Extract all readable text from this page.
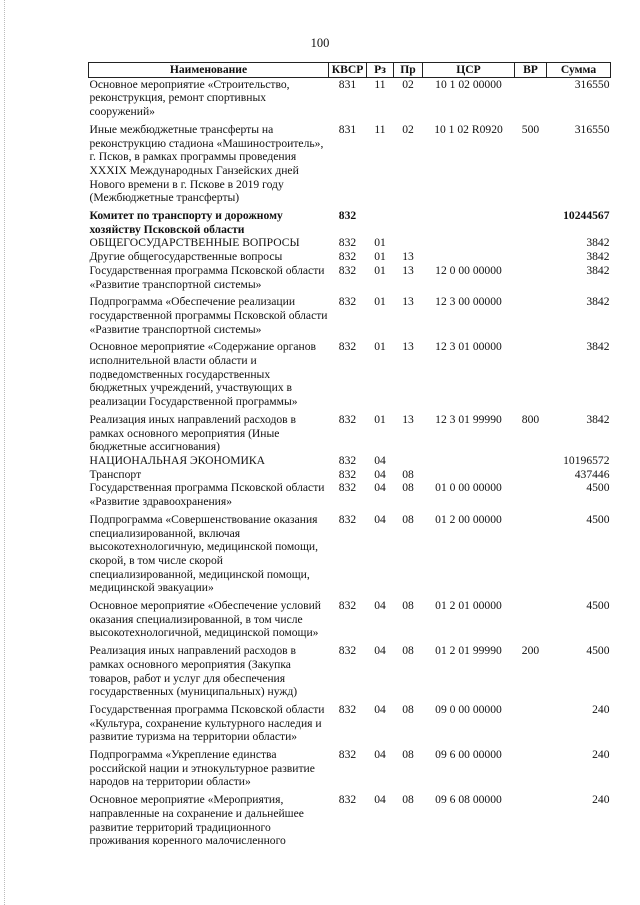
100
Наименование	КВСР	Рз	Пр	ЦСР	ВР	Сумма
Основное мероприятие «Строительство, реконструкция, ремонт спортивных сооружений»	831	11	02	10 1 02 00000		316550
Иные межбюджетные трансферты на реконструкцию стадиона «Машиностроитель», г. Псков, в рамках программы проведения XXXIX Международных Ганзейских дней Нового времени в г. Пскове в 2019 году (Межбюджетные трансферты)	831	11	02	10 1 02 R0920	500	316550
Комитет по транспорту и дорожному хозяйству Псковской области	832					10244567
ОБЩЕГОСУДАРСТВЕННЫЕ ВОПРОСЫ	832	01				3842
Другие общегосударственные вопросы	832	01	13			3842
Государственная программа Псковской области «Развитие транспортной системы»	832	01	13	12 0 00 00000		3842
Подпрограмма «Обеспечение реализации государственной программы Псковской области «Развитие транспортной системы»	832	01	13	12 3 00 00000		3842
Основное мероприятие «Содержание органов исполнительной власти области и подведомственных государственных бюджетных учреждений, участвующих в реализации Государственной программы»	832	01	13	12 3 01 00000		3842
Реализация иных направлений расходов в рамках основного мероприятия (Иные бюджетные ассигнования)	832	01	13	12 3 01 99990	800	3842
НАЦИОНАЛЬНАЯ ЭКОНОМИКА	832	04				10196572
Транспорт	832	04	08			437446
Государственная программа Псковской области «Развитие здравоохранения»	832	04	08	01 0 00 00000		4500
Подпрограмма «Совершенствование оказания специализированной, включая высокотехнологичную, медицинской помощи, скорой, в том числе скорой специализированной, медицинской помощи, медицинской эвакуации»	832	04	08	01 2 00 00000		4500
Основное мероприятие «Обеспечение условий оказания специализированной, в том числе высокотехнологичной, медицинской помощи»	832	04	08	01 2 01 00000		4500
Реализация иных направлений расходов в рамках основного мероприятия (Закупка товаров, работ и услуг для обеспечения государственных (муниципальных) нужд)	832	04	08	01 2 01 99990	200	4500
Государственная программа Псковской области «Культура, сохранение культурного наследия и развитие туризма на территории области»	832	04	08	09 0 00 00000		240
Подпрограмма «Укрепление единства российской нации и этнокультурное развитие народов на территории области»	832	04	08	09 6 00 00000		240
Основное мероприятие «Мероприятия, направленные на сохранение и дальнейшее развитие территорий традиционного проживания коренного малочисленного	832	04	08	09 6 08 00000		240
